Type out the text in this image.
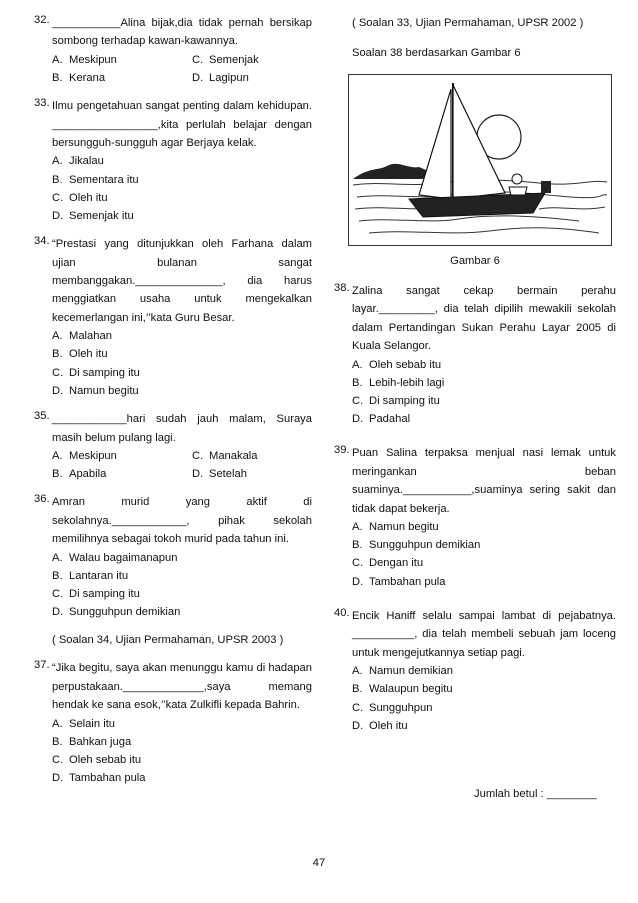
32. ___________Alina bijak,dia tidak pernah bersikap sombong terhadap kawan-kawannya.
A. Meskipun	C. Semenjak
B. Kerana	D. Lagipun
33. Ilmu pengetahuan sangat penting dalam kehidupan. _________________,kita perlulah belajar dengan bersungguh-sungguh agar Berjaya kelak.
A. Jikalau
B. Sementara itu
C. Oleh itu
D. Semenjak itu
34. “Prestasi yang ditunjukkan oleh Farhana dalam ujian bulanan sangat membanggakan.______________, dia harus menggiatkan usaha untuk mengekalkan kecemerlangan ini,’’kata Guru Besar.
A. Malahan
B. Oleh itu
C. Di samping itu
D. Namun begitu
35. ____________hari sudah jauh malam, Suraya masih belum pulang lagi.
A. Meskipun	C. Manakala
B. Apabila	D. Setelah
36. Amran murid yang aktif di sekolahnya.____________, pihak sekolah memilihnya sebagai tokoh murid pada tahun ini.
A. Walau bagaimanapun
B. Lantaran itu
C. Di samping itu
D. Sungguhpun demikian
( Soalan 34, Ujian Permahaman, UPSR 2003 )
37. “Jika begitu, saya akan menunggu kamu di hadapan perpustakaan._____________,saya memang hendak ke sana esok,’’kata Zulkifli kepada Bahrin.
A. Selain itu
B. Bahkan juga
C. Oleh sebab itu
D. Tambahan pula
( Soalan 33, Ujian Permahaman, UPSR 2002 )
Soalan 38 berdasarkan Gambar 6
Gambar 6
38. Zalina sangat cekap bermain perahu layar._________, dia telah dipilih mewakili sekolah dalam Pertandingan Sukan Perahu Layar 2005 di Kuala Selangor.
A. Oleh sebab itu
B. Lebih-lebih lagi
C. Di samping itu
D. Padahal
39. Puan Salina terpaksa menjual nasi lemak untuk meringankan beban suaminya.___________,suaminya sering sakit dan tidak dapat bekerja.
A. Namun begitu
B. Sungguhpun demikian
C. Dengan itu
D. Tambahan pula
40. Encik Haniff selalu sampai lambat di pejabatnya. __________, dia telah membeli sebuah jam loceng untuk mengejutkannya setiap pagi.
A. Namun demikian
B. Walaupun begitu
C. Sungguhpun
D. Oleh itu
Jumlah betul : ________
47
